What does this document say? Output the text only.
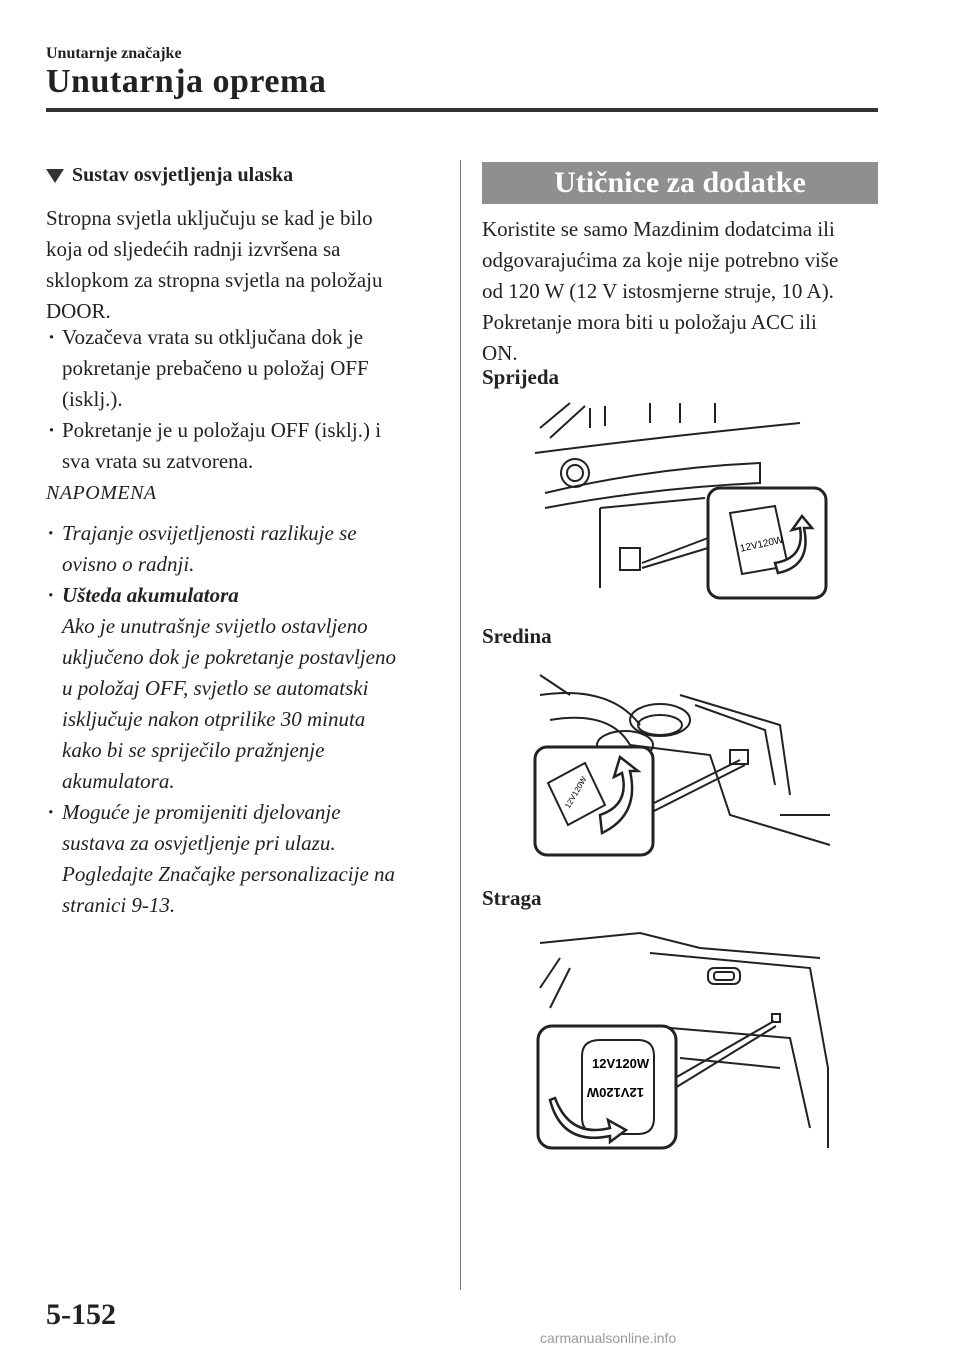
Unutarnje značajke
Unutarnja oprema
Sustav osvjetljenja ulaska

Stropna svjetla uključuju se kad je bilo

koja od sljedećih radnji izvršena sa

sklopkom za stropna svjetla na položaju

DOOR.

· Vozačeva vrata su otključana dok je
pokretanje prebačeno u položaj OFF
(isklj.).
· Pokretanje je u položaju OFF (isklj.) i
sva vrata su zatvorena.
NAPOMENA
· Trajanje osvijetljenosti razlikuje se
ovisno o radnji.
· Ušteda akumulatora
Ako je unutrašnje svijetlo ostavljeno
uključeno dok je pokretanje postavljeno
u položaj OFF, svjetlo se automatski
isključuje nakon otprilike 30 minuta
kako bi se spriječilo pražnjenje
akumulatora.
· Moguće je promijeniti djelovanje
sustava za osvjetljenje pri ulazu.
Pogledajte Značajke personalizacije na
stranici 9-13.
Utičnice za dodatke

Koristite se samo Mazdinim dodatcima ili

odgovarajućima za koje nije potrebno više

od 120 W (12 V istosmjerne struje, 10 A).

Pokretanje mora biti u položaju ACC ili

ON.

Sprijeda
12V120W
Sredina
12V120W
Straga
12V120W
12V120W
5-152
carmanualsonline.info
